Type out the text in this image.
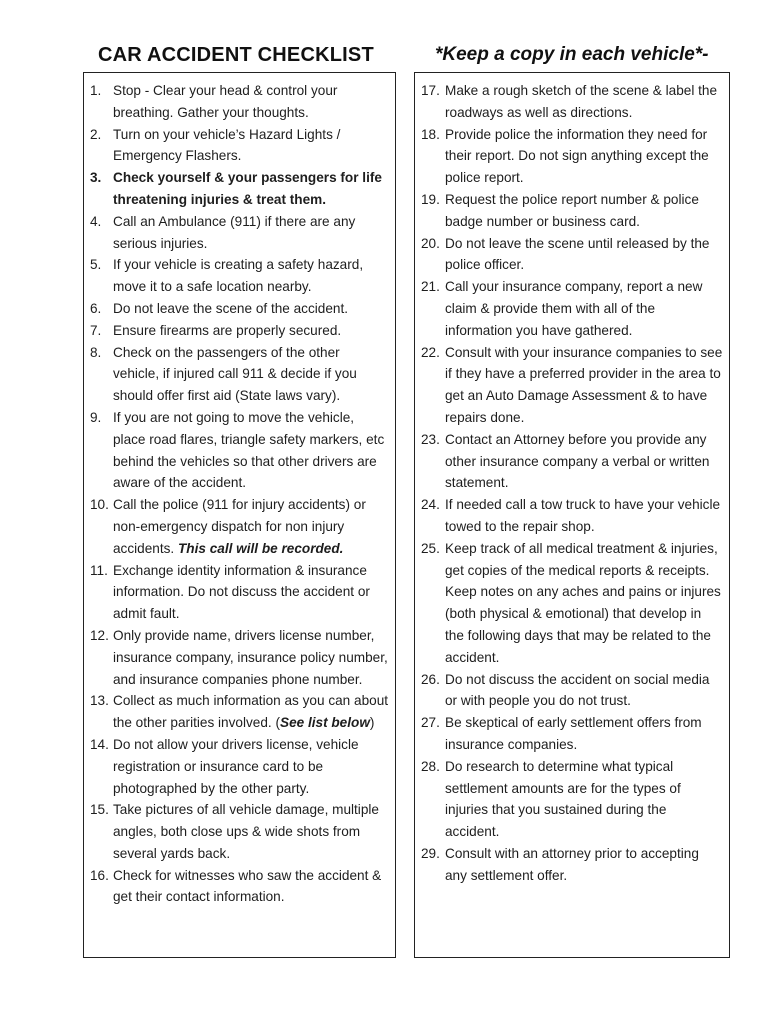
CAR ACCIDENT CHECKLIST	*Keep a copy in each vehicle*-
1. Stop - Clear your head & control your breathing. Gather your thoughts.
2. Turn on your vehicle’s Hazard Lights / Emergency Flashers.
3. Check yourself & your passengers for life threatening injuries & treat them.
4. Call an Ambulance (911) if there are any serious injuries.
5. If your vehicle is creating a safety hazard, move it to a safe location nearby.
6. Do not leave the scene of the accident.
7. Ensure firearms are properly secured.
8. Check on the passengers of the other vehicle, if injured call 911 & decide if you should offer first aid (State laws vary).
9. If you are not going to move the vehicle, place road flares, triangle safety markers, etc behind the vehicles so that other drivers are aware of the accident.
10. Call the police (911 for injury accidents) or non-emergency dispatch for non injury accidents. This call will be recorded.
11. Exchange identity information & insurance information. Do not discuss the accident or admit fault.
12. Only provide name, drivers license number, insurance company, insurance policy number, and insurance companies phone number.
13. Collect as much information as you can about the other parities involved. (See list below)
14. Do not allow your drivers license, vehicle registration or insurance card to be photographed by the other party.
15. Take pictures of all vehicle damage, multiple angles, both close ups & wide shots from several yards back.
16. Check for witnesses who saw the accident & get their contact information.
17. Make a rough sketch of the scene & label the roadways as well as directions.
18. Provide police the information they need for their report. Do not sign anything except the police report.
19. Request the police report number & police badge number or business card.
20. Do not leave the scene until released by the police officer.
21. Call your insurance company, report a new claim & provide them with all of the information you have gathered.
22. Consult with your insurance companies to see if they have a preferred provider in the area to get an Auto Damage Assessment & to have repairs done.
23. Contact an Attorney before you provide any other insurance company a verbal or written statement.
24. If needed call a tow truck to have your vehicle towed to the repair shop.
25. Keep track of all medical treatment & injuries, get copies of the medical reports & receipts. Keep notes on any aches and pains or injures (both physical & emotional) that develop in the following days that may be related to the accident.
26. Do not discuss the accident on social media or with people you do not trust.
27. Be skeptical of early settlement offers from insurance companies.
28. Do research to determine what typical settlement amounts are for the types of injuries that you sustained during the accident.
29. Consult with an attorney prior to accepting any settlement offer.
